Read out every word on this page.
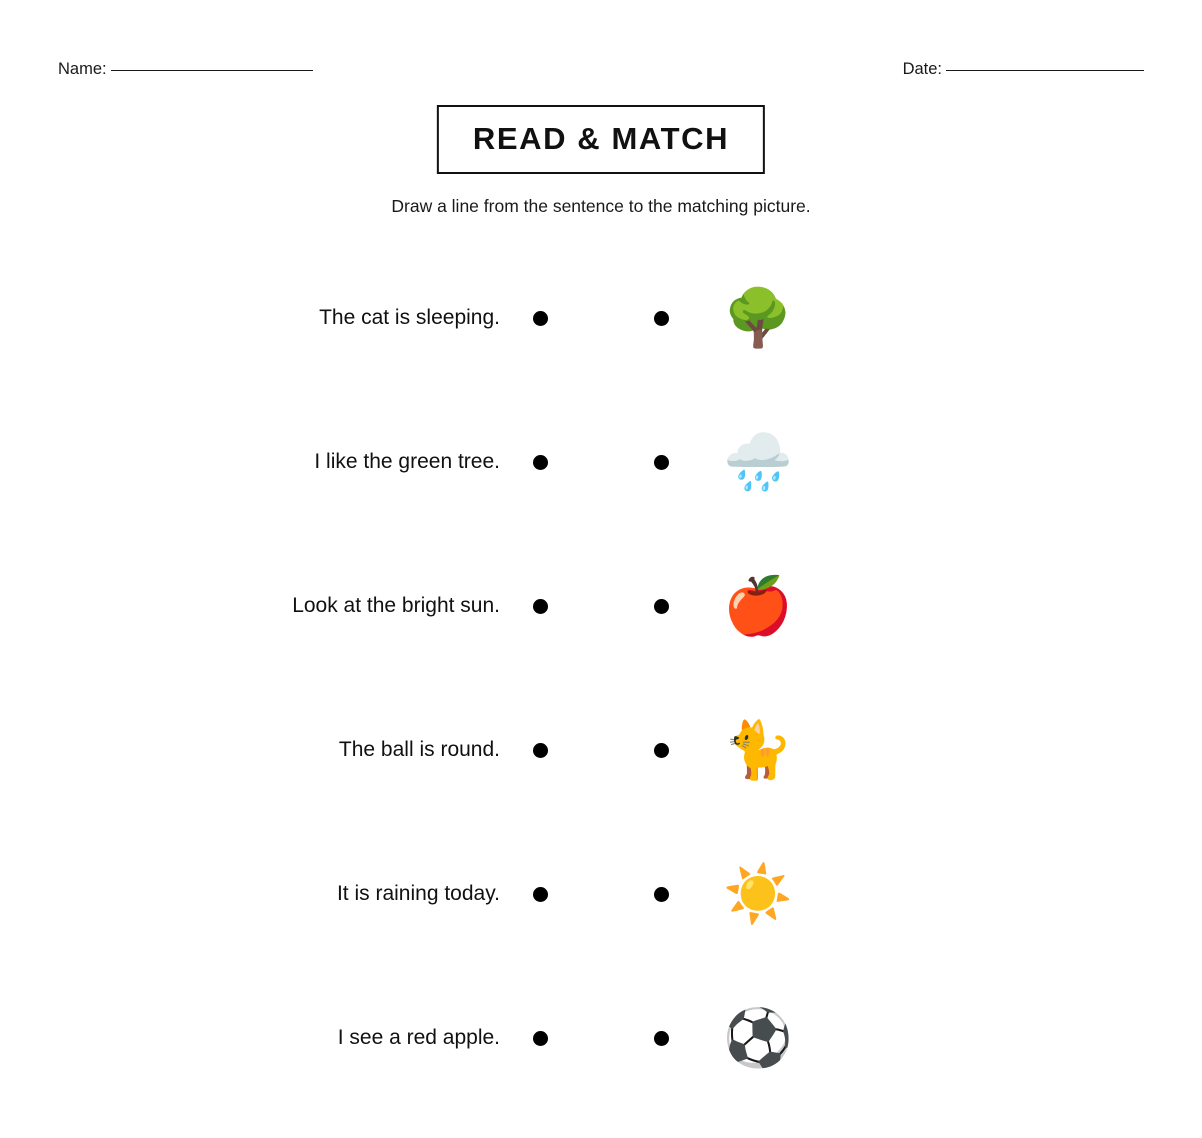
Name:	Date:
READ & MATCH
Draw a line from the sentence to the matching picture.
The cat is sleeping.	🌳
I like the green tree.	🌧️
Look at the bright sun.	🍎
The ball is round.	🐈
It is raining today.	☀️
I see a red apple.	⚽
